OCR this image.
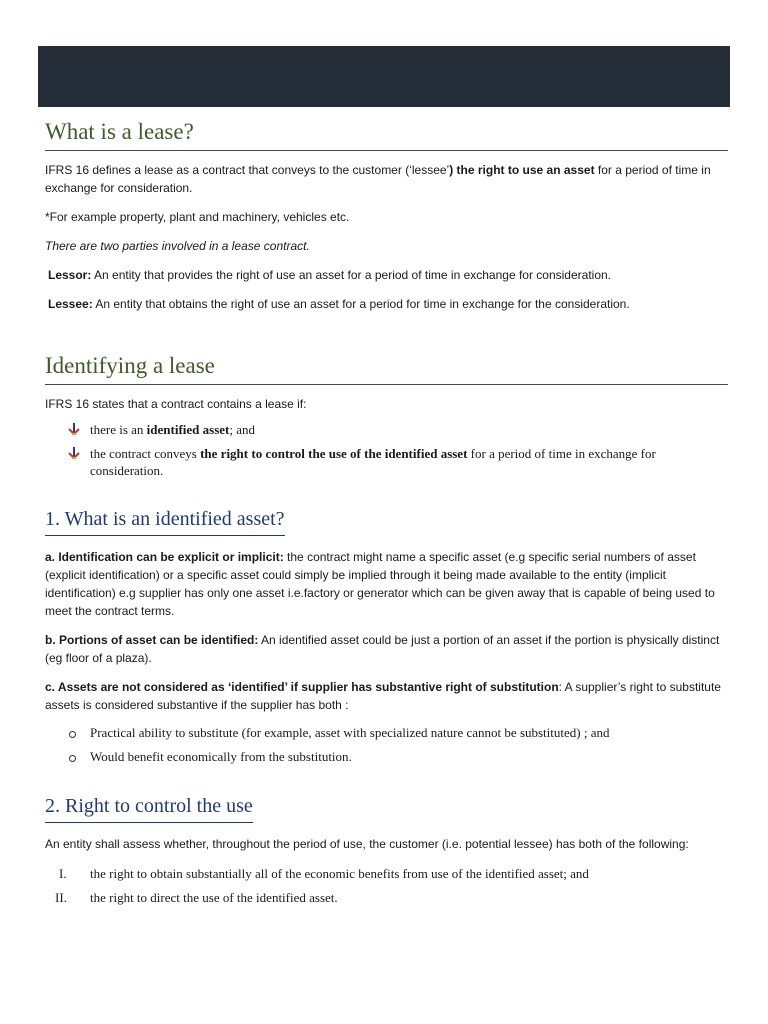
What is a lease?

IFRS 16 defines a lease as a contract that conveys to the customer (‘lessee’) the right to use an asset for a period of time in exchange for consideration.

*For example property, plant and machinery, vehicles etc.

There are two parties involved in a lease contract.

Lessor: An entity that provides the right of use an asset for a period of time in exchange for consideration.

Lessee: An entity that obtains the right of use an asset for a period for time in exchange for the consideration.

Identifying a lease

IFRS 16 states that a contract contains a lease if:

there is an identified asset; and
the contract conveys the right to control the use of the identified asset for a period of time in exchange for consideration.
1. What is an identified asset?

a. Identification can be explicit or implicit: the contract might name a specific asset (e.g specific serial numbers of asset (explicit identification) or a specific asset could simply be implied through it being made available to the entity (implicit identification) e.g supplier has only one asset i.e.factory or generator which can be given away that is capable of being used to meet the contract terms.

b. Portions of asset can be identified: An identified asset could be just a portion of an asset if the portion is physically distinct (eg floor of a plaza).

c. Assets are not considered as ‘identified’ if supplier has substantive right of substitution: A supplier’s right to substitute assets is considered substantive if the supplier has both :

Practical ability to substitute (for example, asset with specialized nature cannot be substituted) ; and
Would benefit economically from the substitution.
2. Right to control the use

An entity shall assess whether, throughout the period of use, the customer (i.e. potential lessee) has both of the following:

I. the right to obtain substantially all of the economic benefits from use of the identified asset; and
II. the right to direct the use of the identified asset.
